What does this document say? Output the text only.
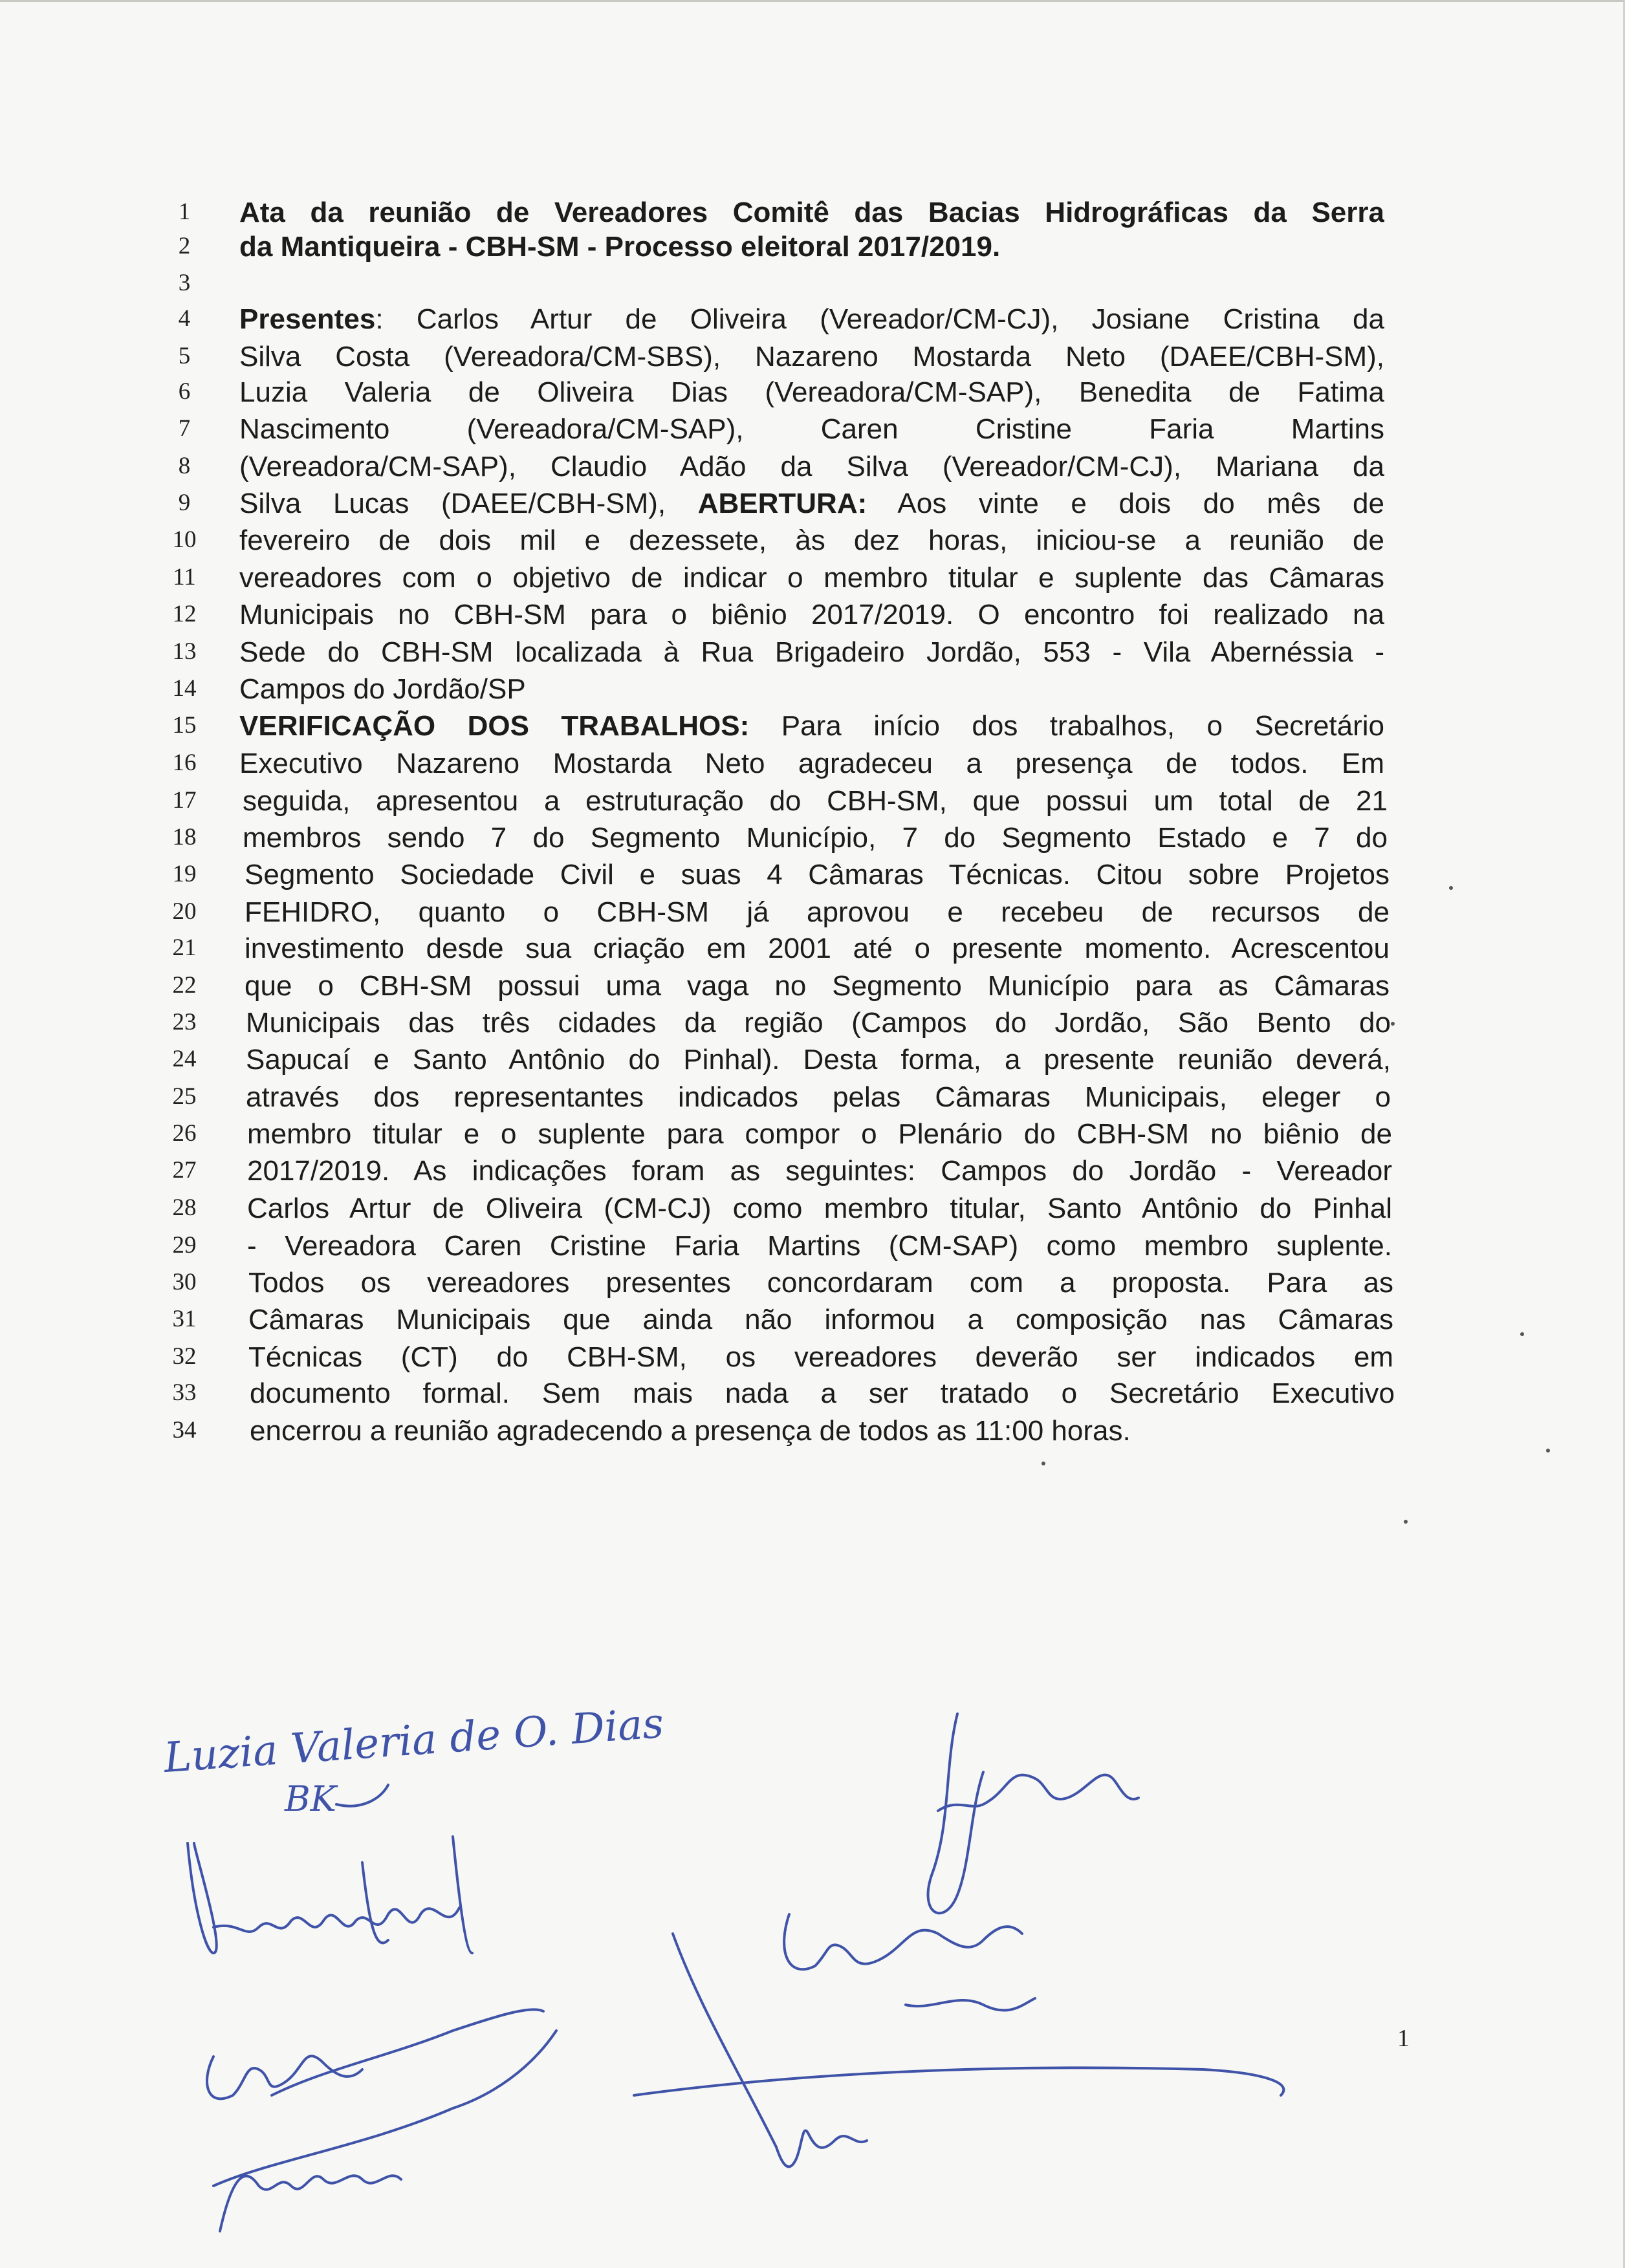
1	Ata da reunião de Vereadores Comitê das Bacias Hidrográficas da Serra
2	da Mantiqueira - CBH-SM - Processo eleitoral 2017/2019.
3
4	Presentes: Carlos Artur de Oliveira (Vereador/CM-CJ), Josiane Cristina da
5	Silva Costa (Vereadora/CM-SBS), Nazareno Mostarda Neto (DAEE/CBH-SM),
6	Luzia Valeria de Oliveira Dias (Vereadora/CM-SAP), Benedita de Fatima
7	Nascimento (Vereadora/CM-SAP), Caren Cristine Faria Martins
8	(Vereadora/CM-SAP), Claudio Adão da Silva (Vereador/CM-CJ), Mariana da
9	Silva Lucas (DAEE/CBH-SM), ABERTURA: Aos vinte e dois do mês de
10	fevereiro de dois mil e dezessete, às dez horas, iniciou-se a reunião de
11	vereadores com o objetivo de indicar o membro titular e suplente das Câmaras
12	Municipais no CBH-SM para o biênio 2017/2019. O encontro foi realizado na
13	Sede do CBH-SM localizada à Rua Brigadeiro Jordão, 553 - Vila Abernéssia -
14	Campos do Jordão/SP
15	VERIFICAÇÃO DOS TRABALHOS: Para início dos trabalhos, o Secretário
16	Executivo Nazareno Mostarda Neto agradeceu a presença de todos. Em
17	seguida, apresentou a estruturação do CBH-SM, que possui um total de 21
18	membros sendo 7 do Segmento Município, 7 do Segmento Estado e 7 do
19	Segmento Sociedade Civil e suas 4 Câmaras Técnicas. Citou sobre Projetos
20	FEHIDRO, quanto o CBH-SM já aprovou e recebeu de recursos de
21	investimento desde sua criação em 2001 até o presente momento. Acrescentou
22	que o CBH-SM possui uma vaga no Segmento Município para as Câmaras
23	Municipais das três cidades da região (Campos do Jordão, São Bento do
24	Sapucaí e Santo Antônio do Pinhal). Desta forma, a presente reunião deverá,
25	através dos representantes indicados pelas Câmaras Municipais, eleger o
26	membro titular e o suplente para compor o Plenário do CBH-SM no biênio de
27	2017/2019. As indicações foram as seguintes: Campos do Jordão - Vereador
28	Carlos Artur de Oliveira (CM-CJ) como membro titular, Santo Antônio do Pinhal
29	- Vereadora Caren Cristine Faria Martins (CM-SAP) como membro suplente.
30	Todos os vereadores presentes concordaram com a proposta. Para as
31	Câmaras Municipais que ainda não informou a composição nas Câmaras
32	Técnicas (CT) do CBH-SM, os vereadores deverão ser indicados em
33	documento formal. Sem mais nada a ser tratado o Secretário Executivo
34	encerrou a reunião agradecendo a presença de todos as 11:00 horas.
1
Luzia Valeria de O. Dias
BK
